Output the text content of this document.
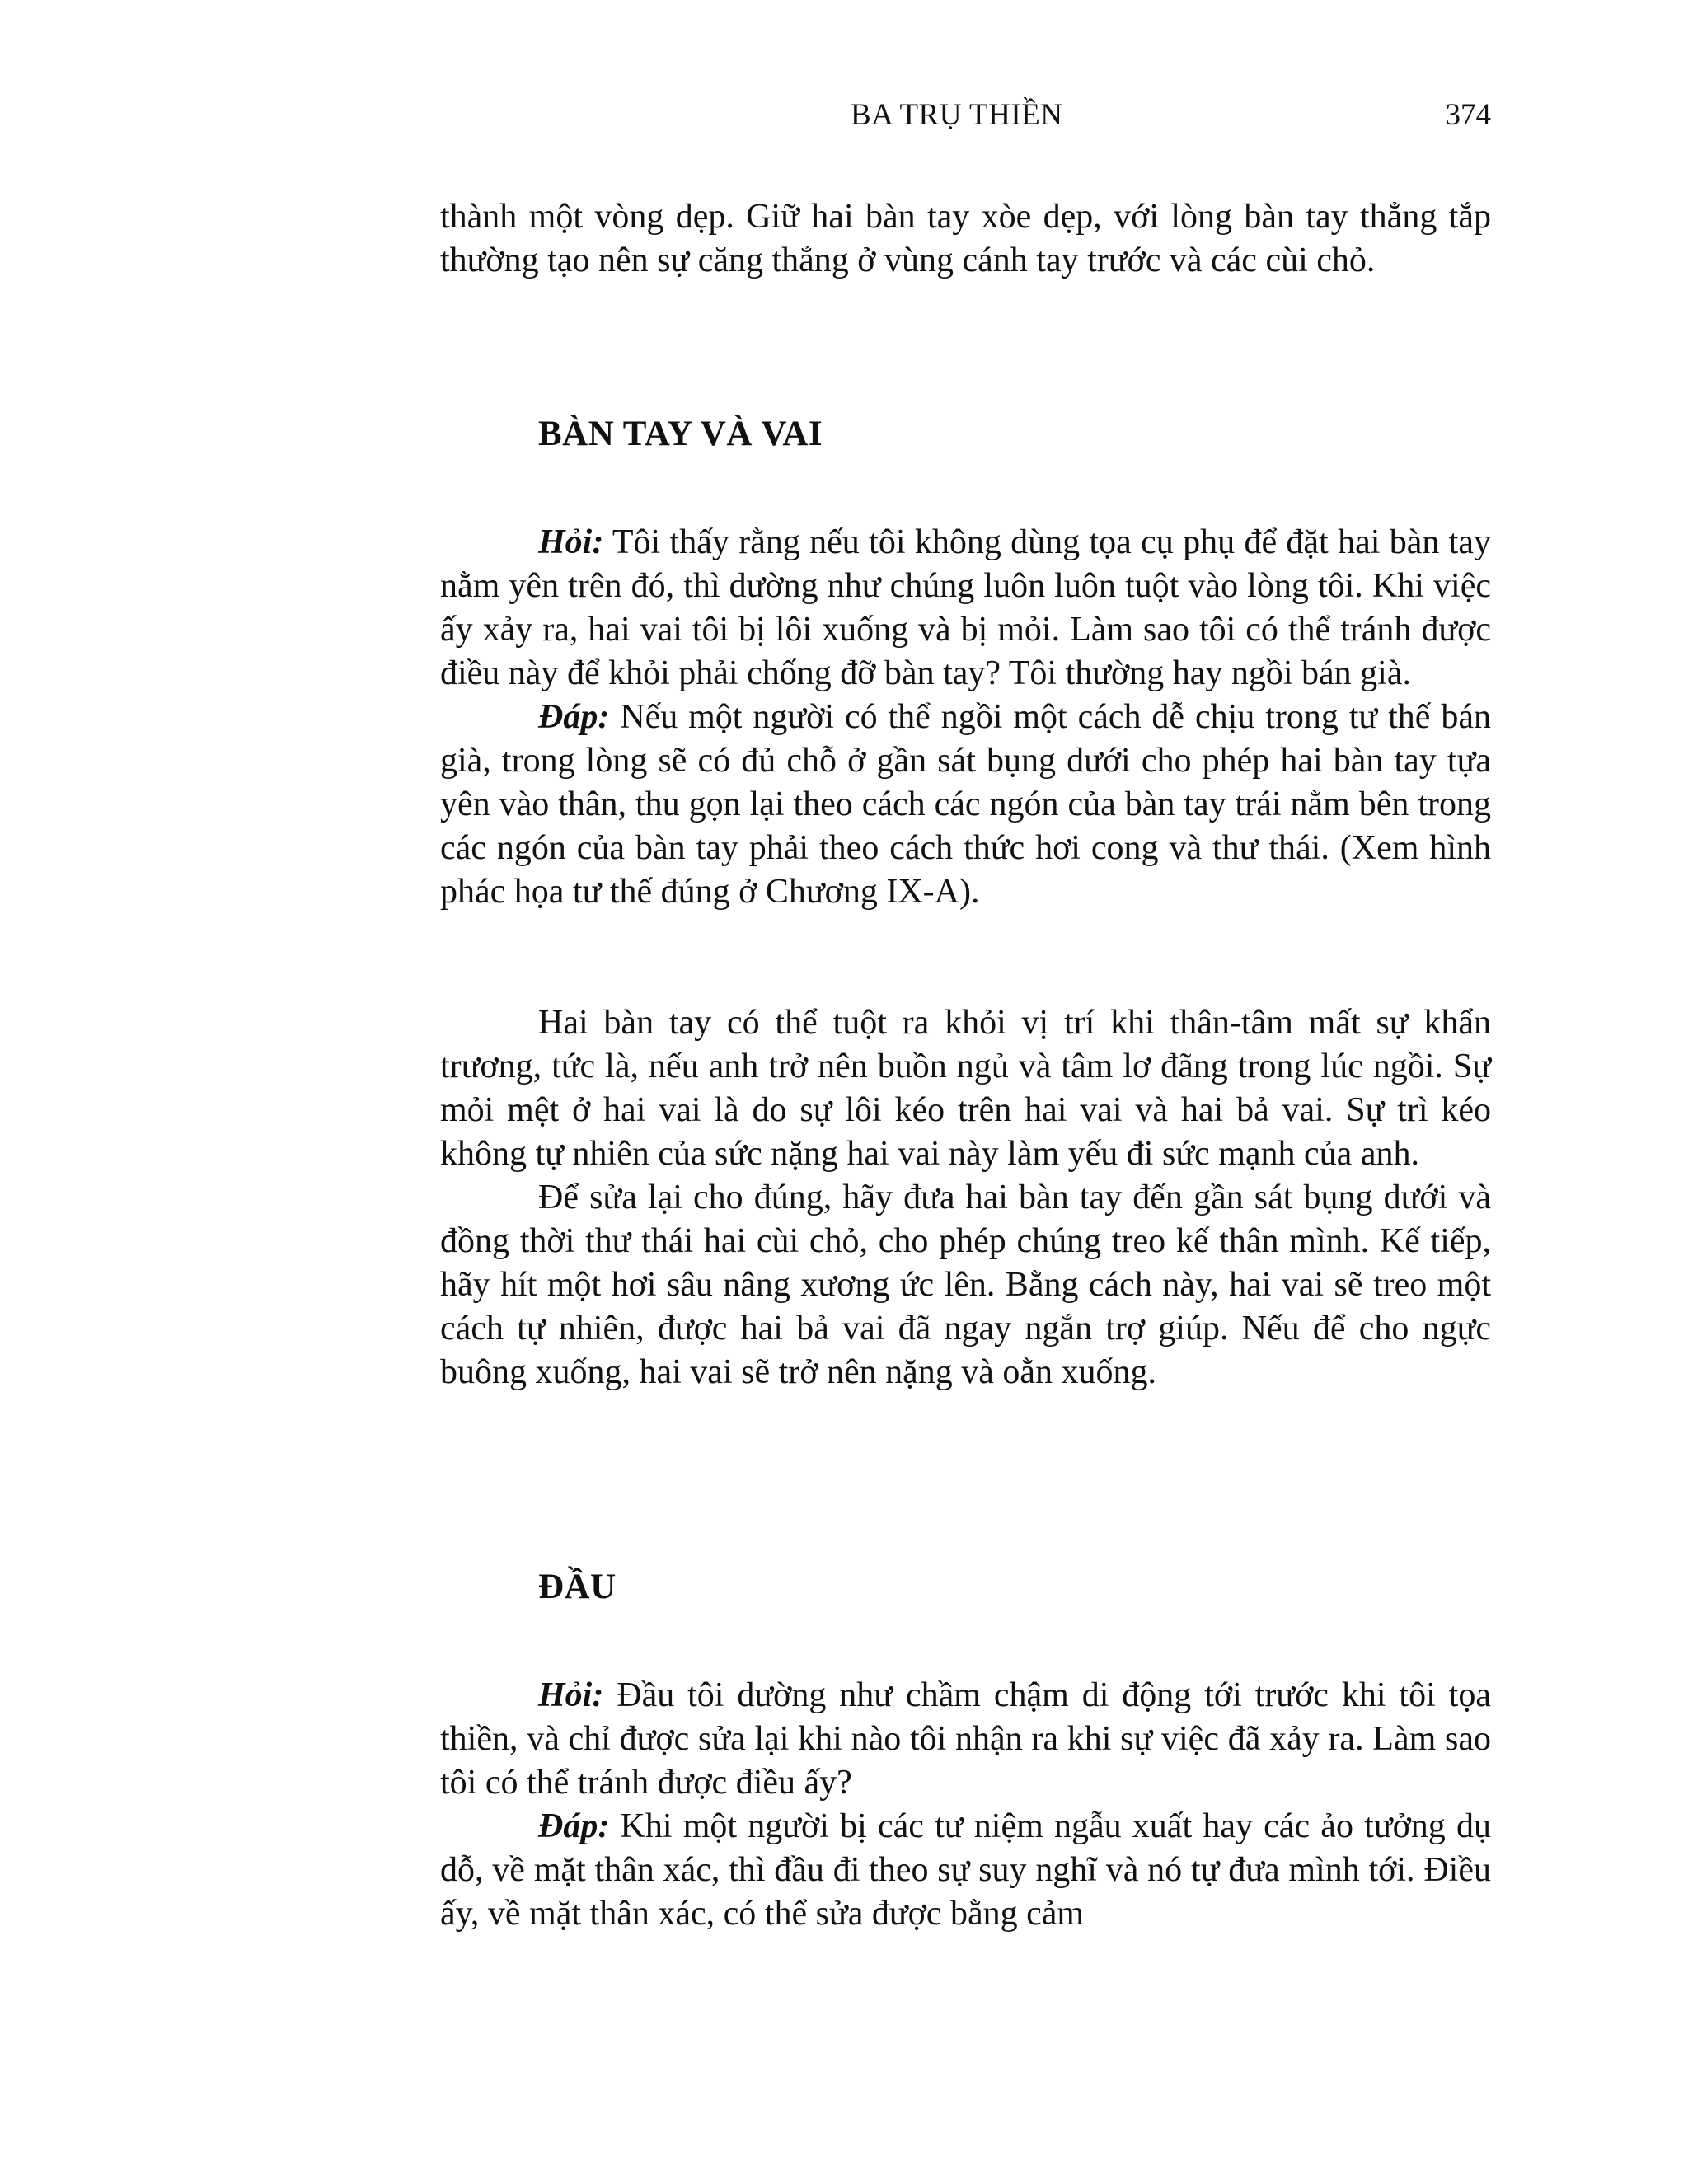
BA TRỤ THIỀN	374

thành một vòng dẹp. Giữ hai bàn tay xòe dẹp, với lòng bàn tay thẳng tắp thường tạo nên sự căng thẳng ở vùng cánh tay trước và các cùi chỏ.

BÀN TAY VÀ VAI

Hỏi: Tôi thấy rằng nếu tôi không dùng tọa cụ phụ để đặt hai bàn tay nằm yên trên đó, thì dường như chúng luôn luôn tuột vào lòng tôi. Khi việc ấy xảy ra, hai vai tôi bị lôi xuống và bị mỏi. Làm sao tôi có thể tránh được điều này để khỏi phải chống đỡ bàn tay? Tôi thường hay ngồi bán già.

Đáp: Nếu một người có thể ngồi một cách dễ chịu trong tư thế bán già, trong lòng sẽ có đủ chỗ ở gần sát bụng dưới cho phép hai bàn tay tựa yên vào thân, thu gọn lại theo cách các ngón của bàn tay trái nằm bên trong các ngón của bàn tay phải theo cách thức hơi cong và thư thái. (Xem hình phác họa tư thế đúng ở Chương IX-A).

Hai bàn tay có thể tuột ra khỏi vị trí khi thân-tâm mất sự khẩn trương, tức là, nếu anh trở nên buồn ngủ và tâm lơ đãng trong lúc ngồi. Sự mỏi mệt ở hai vai là do sự lôi kéo trên hai vai và hai bả vai. Sự trì kéo không tự nhiên của sức nặng hai vai này làm yếu đi sức mạnh của anh.

Để sửa lại cho đúng, hãy đưa hai bàn tay đến gần sát bụng dưới và đồng thời thư thái hai cùi chỏ, cho phép chúng treo kế thân mình. Kế tiếp, hãy hít một hơi sâu nâng xương ức lên. Bằng cách này, hai vai sẽ treo một cách tự nhiên, được hai bả vai đã ngay ngắn trợ giúp. Nếu để cho ngực buông xuống, hai vai sẽ trở nên nặng và oằn xuống.

ĐẦU

Hỏi: Đầu tôi dường như chầm chậm di động tới trước khi tôi tọa thiền, và chỉ được sửa lại khi nào tôi nhận ra khi sự việc đã xảy ra. Làm sao tôi có thể tránh được điều ấy?

Đáp: Khi một người bị các tư niệm ngẫu xuất hay các ảo tưởng dụ dỗ, về mặt thân xác, thì đầu đi theo sự suy nghĩ và nó tự đưa mình tới. Điều ấy, về mặt thân xác, có thể sửa được bằng cảm
